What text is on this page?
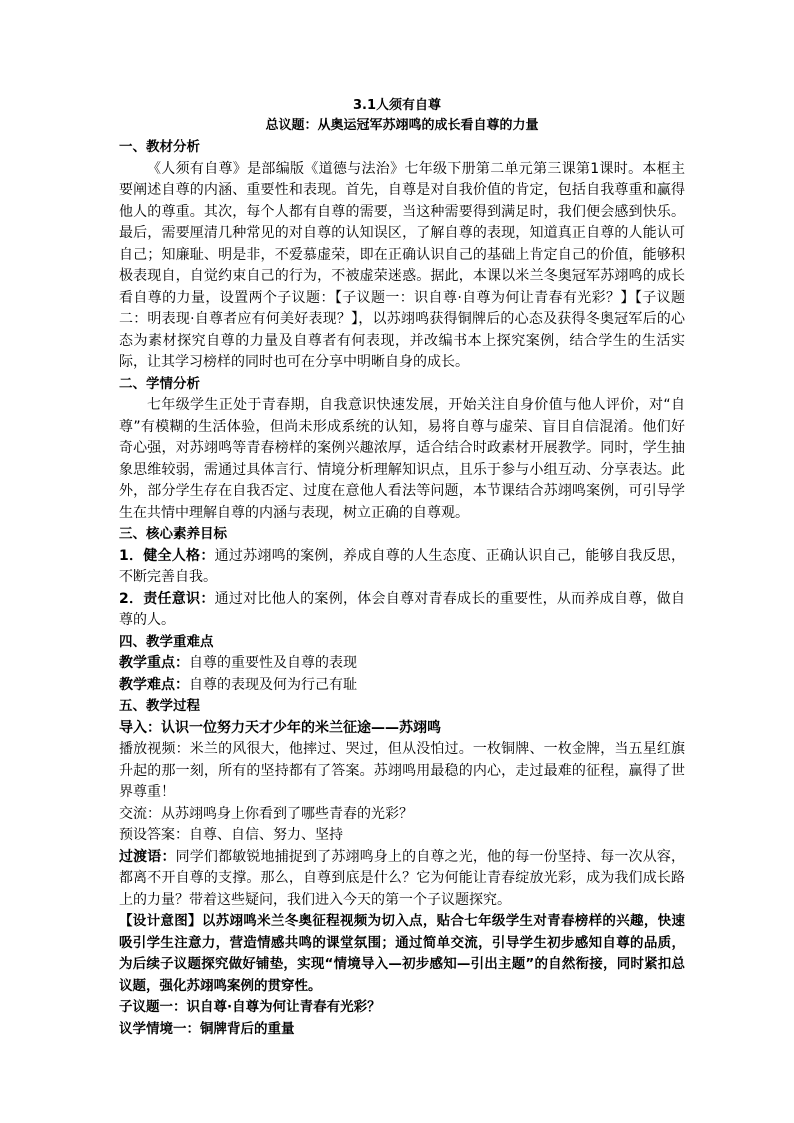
3.1人须有自尊
总议题：从奥运冠军苏翊鸣的成长看自尊的力量
一、教材分析
《人须有自尊》是部编版《道德与法治》七年级下册第二单元第三课第1课时。本框主要阐述自尊的内涵、重要性和表现。首先，自尊是对自我价值的肯定，包括自我尊重和赢得他人的尊重。其次，每个人都有自尊的需要，当这种需要得到满足时，我们便会感到快乐。最后，需要厘清几种常见的对自尊的认知误区，了解自尊的表现，知道真正自尊的人能认可自己；知廉耻、明是非，不爱慕虚荣，即在正确认识自己的基础上肯定自己的价值，能够积极表现自，自觉约束自己的行为，不被虚荣迷惑。据此，本课以米兰冬奥冠军苏翊鸣的成长看自尊的力量，设置两个子议题：【子议题一：识自尊·自尊为何让青春有光彩？】【子议题二：明表现·自尊者应有何美好表现？】，以苏翊鸣获得铜牌后的心态及获得冬奥冠军后的心态为素材探究自尊的力量及自尊者有何表现，并改编书本上探究案例，结合学生的生活实际，让其学习榜样的同时也可在分享中明晰自身的成长。
二、学情分析
七年级学生正处于青春期，自我意识快速发展，开始关注自身价值与他人评价，对“自尊”有模糊的生活体验，但尚未形成系统的认知，易将自尊与虚荣、盲目自信混淆。他们好奇心强，对苏翊鸣等青春榜样的案例兴趣浓厚，适合结合时政素材开展教学。同时，学生抽象思维较弱，需通过具体言行、情境分析理解知识点，且乐于参与小组互动、分享表达。此外，部分学生存在自我否定、过度在意他人看法等问题，本节课结合苏翊鸣案例，可引导学生在共情中理解自尊的内涵与表现，树立正确的自尊观。
三、核心素养目标
1．健全人格：通过苏翊鸣的案例，养成自尊的人生态度、正确认识自己，能够自我反思，不断完善自我。
2．责任意识：通过对比他人的案例，体会自尊对青春成长的重要性，从而养成自尊，做自尊的人。
四、教学重难点
教学重点：自尊的重要性及自尊的表现
教学难点：自尊的表现及何为行己有耻
五、教学过程
导入：认识一位努力天才少年的米兰征途——苏翊鸣
播放视频：米兰的风很大，他摔过、哭过，但从没怕过。一枚铜牌、一枚金牌，当五星红旗升起的那一刻，所有的坚持都有了答案。苏翊鸣用最稳的内心，走过最难的征程，赢得了世界尊重！
交流：从苏翊鸣身上你看到了哪些青春的光彩？
预设答案：自尊、自信、努力、坚持
过渡语：同学们都敏锐地捕捉到了苏翊鸣身上的自尊之光，他的每一份坚持、每一次从容，都离不开自尊的支撑。那么，自尊到底是什么？它为何能让青春绽放光彩，成为我们成长路上的力量？带着这些疑问，我们进入今天的第一个子议题探究。
【设计意图】以苏翊鸣米兰冬奥征程视频为切入点，贴合七年级学生对青春榜样的兴趣，快速吸引学生注意力，营造情感共鸣的课堂氛围；通过简单交流，引导学生初步感知自尊的品质，为后续子议题探究做好铺垫，实现“情境导入—初步感知—引出主题”的自然衔接，同时紧扣总议题，强化苏翊鸣案例的贯穿性。
子议题一：识自尊·自尊为何让青春有光彩？
议学情境一：铜牌背后的重量
